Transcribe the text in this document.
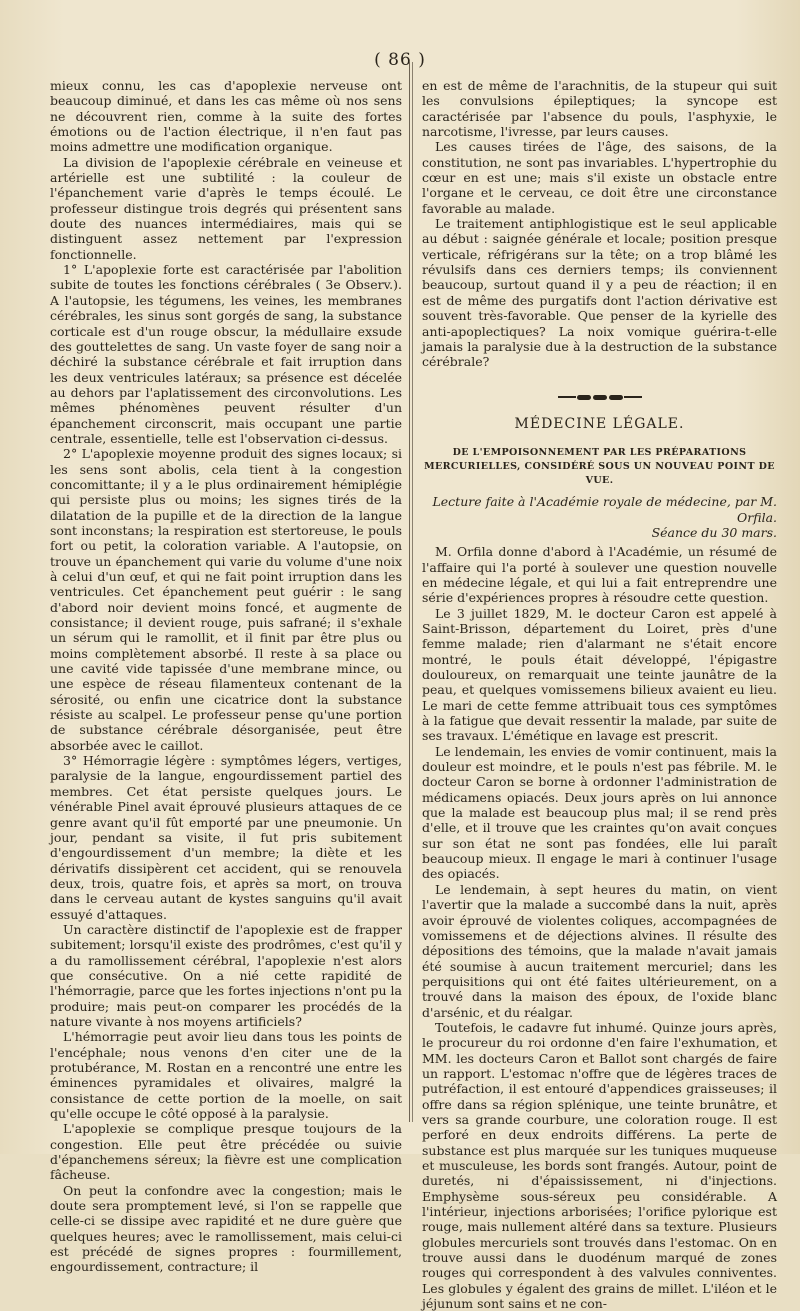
( 86 )

mieux connu, les cas d'apoplexie nerveuse ont beaucoup diminué, et dans les cas même où nos sens ne découvrent rien, comme à la suite des fortes émotions ou de l'action électrique, il n'en faut pas moins admettre une modification organique.

La division de l'apoplexie cérébrale en veineuse et artérielle est une subtilité : la couleur de l'épanchement varie d'après le temps écoulé. Le professeur distingue trois degrés qui présentent sans doute des nuances intermédiaires, mais qui se distinguent assez nettement par l'expression fonctionnelle.

1° L'apoplexie forte est caractérisée par l'abolition subite de toutes les fonctions cérébrales ( 3e Observ.). A l'autopsie, les tégumens, les veines, les membranes cérébrales, les sinus sont gorgés de sang, la substance corticale est d'un rouge obscur, la médullaire exsude des gouttelettes de sang. Un vaste foyer de sang noir a déchiré la substance cérébrale et fait irruption dans les deux ventricules latéraux; sa présence est décelée au dehors par l'aplatissement des circonvolutions. Les mêmes phénomènes peuvent résulter d'un épanchement circonscrit, mais occupant une partie centrale, essentielle, telle est l'observation ci-dessus.

2° L'apoplexie moyenne produit des signes locaux; si les sens sont abolis, cela tient à la congestion concomittante; il y a le plus ordinairement hémiplégie qui persiste plus ou moins; les signes tirés de la dilatation de la pupille et de la direction de la langue sont inconstans; la respiration est stertoreuse, le pouls fort ou petit, la coloration variable. A l'autopsie, on trouve un épanchement qui varie du volume d'une noix à celui d'un œuf, et qui ne fait point irruption dans les ventricules. Cet épanchement peut guérir : le sang d'abord noir devient moins foncé, et augmente de consistance; il devient rouge, puis safrané; il s'exhale un sérum qui le ramollit, et il finit par être plus ou moins complètement absorbé. Il reste à sa place ou une cavité vide tapissée d'une membrane mince, ou une espèce de réseau filamenteux contenant de la sérosité, ou enfin une cicatrice dont la substance résiste au scalpel. Le professeur pense qu'une portion de substance cérébrale désorganisée, peut être absorbée avec le caillot.

3° Hémorragie légère : symptômes légers, vertiges, paralysie de la langue, engourdissement partiel des membres. Cet état persiste quelques jours. Le vénérable Pinel avait éprouvé plusieurs attaques de ce genre avant qu'il fût emporté par une pneumonie. Un jour, pendant sa visite, il fut pris subitement d'engourdissement d'un membre; la diète et les dérivatifs dissipèrent cet accident, qui se renouvela deux, trois, quatre fois, et après sa mort, on trouva dans le cerveau autant de kystes sanguins qu'il avait essuyé d'attaques.

Un caractère distinctif de l'apoplexie est de frapper subitement; lorsqu'il existe des prodrômes, c'est qu'il y a du ramollissement cérébral, l'apoplexie n'est alors que consécutive. On a nié cette rapidité de l'hémorragie, parce que les fortes injections n'ont pu la produire; mais peut-on comparer les procédés de la nature vivante à nos moyens artificiels?

L'hémorragie peut avoir lieu dans tous les points de l'encéphale; nous venons d'en citer une de la protubérance, M. Rostan en a rencontré une entre les éminences pyramidales et olivaires, malgré la consistance de cette portion de la moelle, on sait qu'elle occupe le côté opposé à la paralysie.

L'apoplexie se complique presque toujours de la congestion. Elle peut être précédée ou suivie d'épanchemens séreux; la fièvre est une complication fâcheuse.

On peut la confondre avec la congestion; mais le doute sera promptement levé, si l'on se rappelle que celle-ci se dissipe avec rapidité et ne dure guère que quelques heures; avec le ramollissement, mais celui-ci est précédé de signes propres : fourmillement, engourdissement, contracture; il

en est de même de l'arachnitis, de la stupeur qui suit les convulsions épileptiques; la syncope est caractérisée par l'absence du pouls, l'asphyxie, le narcotisme, l'ivresse, par leurs causes.

Les causes tirées de l'âge, des saisons, de la constitution, ne sont pas invariables. L'hypertrophie du cœur en est une; mais s'il existe un obstacle entre l'organe et le cerveau, ce doit être une circonstance favorable au malade.

Le traitement antiphlogistique est le seul applicable au début : saignée générale et locale; position presque verticale, réfrigérans sur la tête; on a trop blâmé les révulsifs dans ces derniers temps; ils conviennent beaucoup, surtout quand il y a peu de réaction; il en est de même des purgatifs dont l'action dérivative est souvent très-favorable. Que penser de la kyrielle des anti-apoplectiques? La noix vomique guérira-t-elle jamais la paralysie due à la destruction de la substance cérébrale?

MÉDECINE LÉGALE.
DE L'EMPOISONNEMENT PAR LES PRÉPARATIONS MERCURIELLES, CONSIDÉRÉ SOUS UN NOUVEAU POINT DE VUE.
Lecture faite à l'Académie royale de médecine, par M. Orfila.
Séance du 30 mars.

M. Orfila donne d'abord à l'Académie, un résumé de l'affaire qui l'a porté à soulever une question nouvelle en médecine légale, et qui lui a fait entreprendre une série d'expériences propres à résoudre cette question.

Le 3 juillet 1829, M. le docteur Caron est appelé à Saint-Brisson, département du Loiret, près d'une femme malade; rien d'alarmant ne s'était encore montré, le pouls était développé, l'épigastre douloureux, on remarquait une teinte jaunâtre de la peau, et quelques vomissemens bilieux avaient eu lieu. Le mari de cette femme attribuait tous ces symptômes à la fatigue que devait ressentir la malade, par suite de ses travaux. L'émétique en lavage est prescrit.

Le lendemain, les envies de vomir continuent, mais la douleur est moindre, et le pouls n'est pas fébrile. M. le docteur Caron se borne à ordonner l'administration de médicamens opiacés. Deux jours après on lui annonce que la malade est beaucoup plus mal; il se rend près d'elle, et il trouve que les craintes qu'on avait conçues sur son état ne sont pas fondées, elle lui paraît beaucoup mieux. Il engage le mari à continuer l'usage des opiacés.

Le lendemain, à sept heures du matin, on vient l'avertir que la malade a succombé dans la nuit, après avoir éprouvé de violentes coliques, accompagnées de vomissemens et de déjections alvines. Il résulte des dépositions des témoins, que la malade n'avait jamais été soumise à aucun traitement mercuriel; dans les perquisitions qui ont été faites ultérieurement, on a trouvé dans la maison des époux, de l'oxide blanc d'arsénic, et du réalgar.

Toutefois, le cadavre fut inhumé. Quinze jours après, le procureur du roi ordonne d'en faire l'exhumation, et MM. les docteurs Caron et Ballot sont chargés de faire un rapport. L'estomac n'offre que de légères traces de putréfaction, il est entouré d'appendices graisseuses; il offre dans sa région splénique, une teinte brunâtre, et vers sa grande courbure, une coloration rouge. Il est perforé en deux endroits différens. La perte de substance est plus marquée sur les tuniques muqueuse et musculeuse, les bords sont frangés. Autour, point de duretés, ni d'épaississement, ni d'injections. Emphysème sous-séreux peu considérable. A l'intérieur, injections arborisées; l'orifice pylorique est rouge, mais nullement altéré dans sa texture. Plusieurs globules mercuriels sont trouvés dans l'estomac. On en trouve aussi dans le duodénum marqué de zones rouges qui correspondent à des valvules conniventes. Les globules y égalent des grains de millet. L'iléon et le jéjunum sont sains et ne con-
